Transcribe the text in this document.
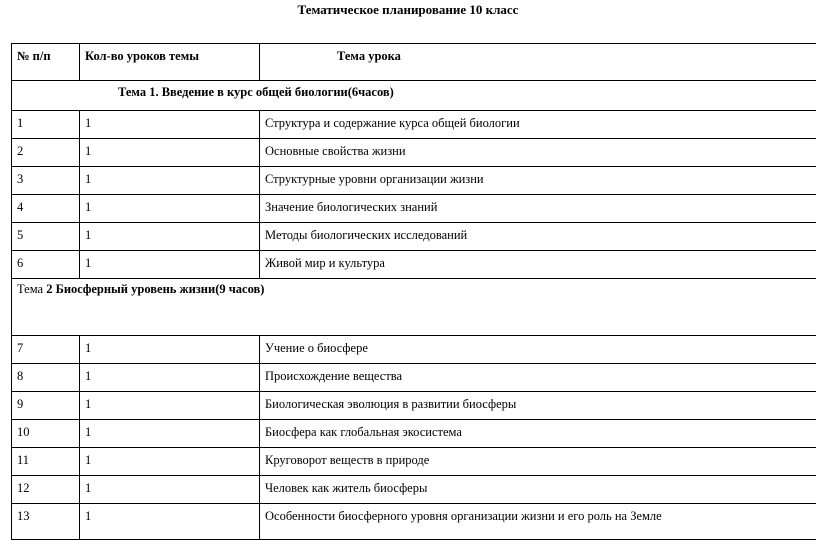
Тематическое планирование 10 класс
№ п/п	Кол-во уроков темы	Тема урока
Тема 1. Введение в курс общей биологии(6часов)		
1	1	Структура и содержание курса общей биологии
2	1	Основные свойства жизни
3	1	Структурные уровни организации жизни
4	1	Значение биологических знаний
5	1	Методы биологических исследований
6	1	Живой мир и культура
Тема 2 Биосферный уровень жизни(9 часов)		
7	1	Учение о биосфере
8	1	Происхождение вещества
9	1	Биологическая эволюция в развитии биосферы
10	1	Биосфера как глобальная экосистема
11	1	Круговорот веществ в природе
12	1	Человек как житель биосферы
13	1	Особенности биосферного уровня организации жизни и его роль на Земле
